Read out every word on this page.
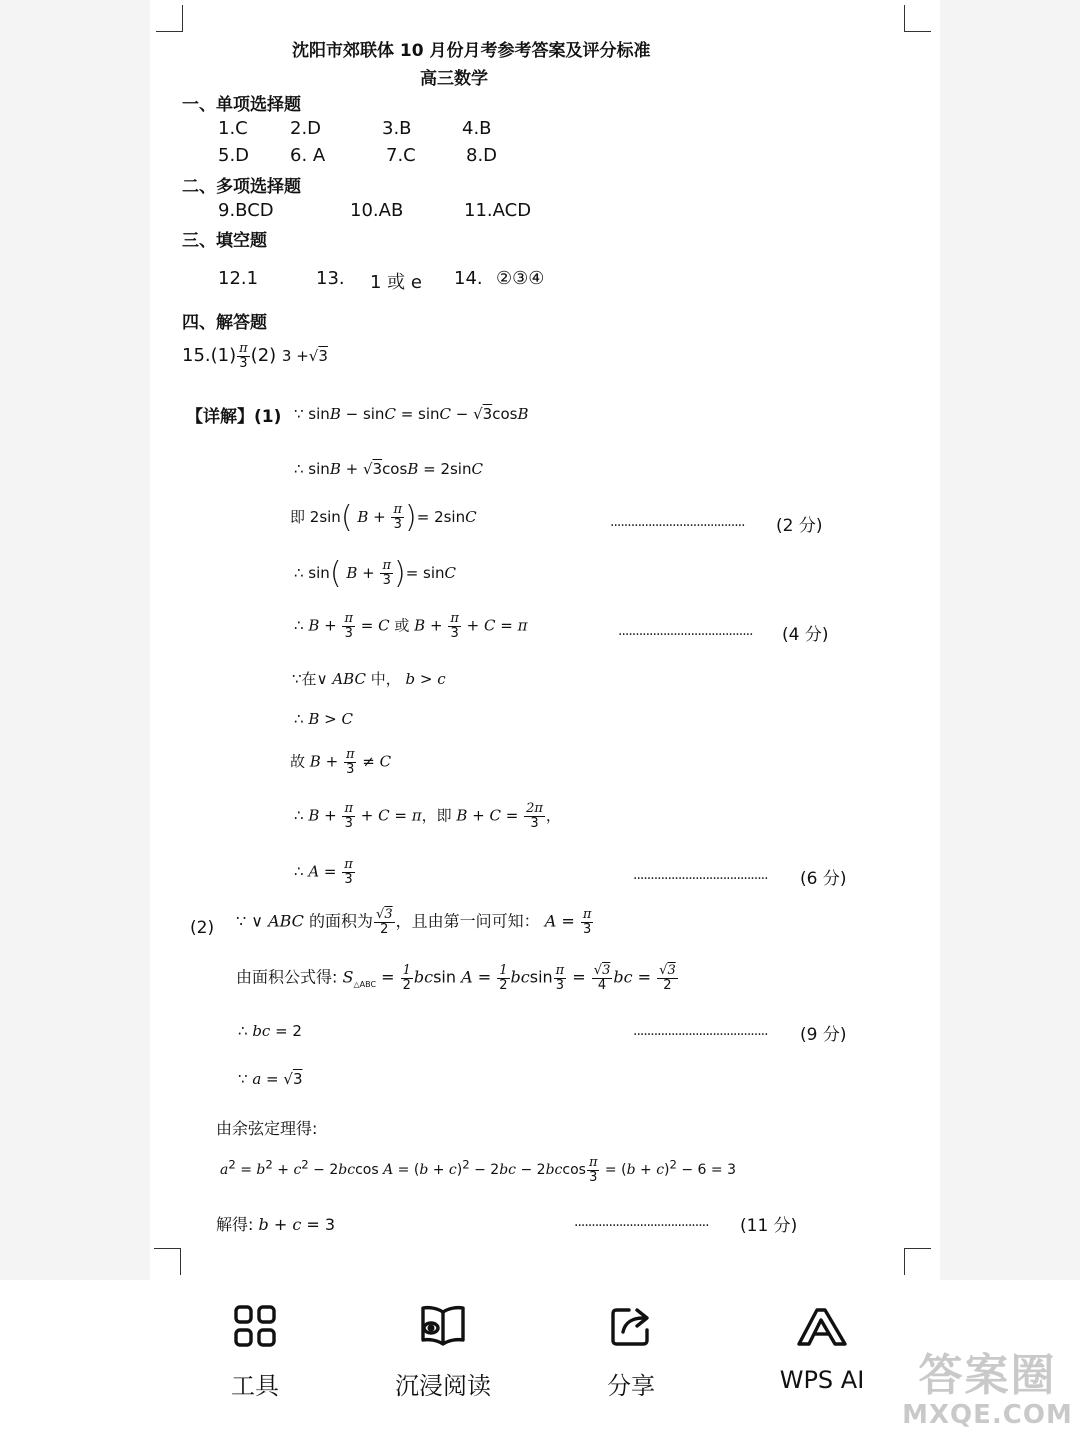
沈阳市郊联体 10 月份月考参考答案及评分标准
高三数学
一、单项选择题
1.C 2.D	3.B	4.B
5.D 6. A	7.C	8.D
二、多项选择题
9.BCD	10.AB	11.ACD
三、填空题
12.1	13. 1 或 e 14. ②③④
四、解答题
$15.(1) \frac{\pi}{3} (2)$ 3 +√3
【详解】(1) ∵ sinB − sinC = sinC − √3cosB
∴ sinB + √3cosB = 2sinC
即 2sin( $B + \frac{\pi}{3}$ )= 2sinC	....................................... (2 分)
∴ sin( $B + \frac{\pi}{3}$ )= sinC
∴ $B + \frac{\pi}{3} = C$ 或 $B + \frac{\pi}{3} + C = \pi$	....................................... (4 分)
∵在∨ ABC 中， b > c
∴ B > C
故 $B + \frac{\pi}{3} \ne C$
∴ $B + \frac{\pi}{3} + C = \pi$，即 $B + C = \frac{2\pi}{3}$ ，
∴ $A = \frac{\pi}{3}$	....................................... (6 分)
(2) ∵ ∨ ABC 的面积为 $\frac{√3}{2}$ ，且由第一问可知： $A = \frac{\pi}{3}$
由面积公式得: $S_{\triangle ABC} = \frac{1}{2}$ bcsin $A = \frac{1}{2}$ bcsin $\frac{\pi}{3} = \frac{√3}{4}$ bc = $\frac{√3}{2}$
∴ bc = 2	....................................... (9 分)
∵ a = √3
由余弦定理得:
$a^2 = b^2 + c^2 - 2bccos$ $A = (b + c)^2 - 2bc - 2bccos \frac{\pi}{3} = (b + c)^2 - 6 = 3$
解得: b + c = 3	....................................... (11 分)
工具	沉浸阅读	分享	WPS AI	答案圈
MXQE.COM
